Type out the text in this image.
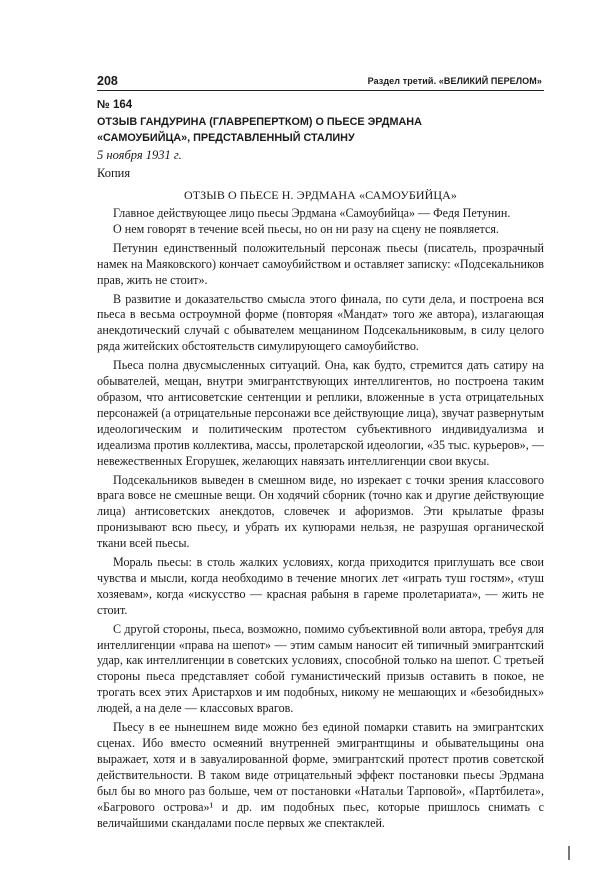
208	Раздел третий. «ВЕЛИКИЙ ПЕРЕЛОМ»
№ 164
ОТЗЫВ ГАНДУРИНА (ГЛАВРЕПЕРТКОМ) О ПЬЕСЕ ЭРДМАНА
«САМОУБИЙЦА», ПРЕДСТАВЛЕННЫЙ СТАЛИНУ
5 ноября 1931 г.
Копия
ОТЗЫВ О ПЬЕСЕ Н. ЭРДМАНА «САМОУБИЙЦА»

Главное действующее лицо пьесы Эрдмана «Самоубийца» — Федя Петунин.

О нем говорят в течение всей пьесы, но он ни разу на сцену не появляется.

Петунин единственный положительный персонаж пьесы (писатель, прозрачный намек на Маяковского) кончает самоубийством и оставляет записку: «Подсекальников прав, жить не стоит».

В развитие и доказательство смысла этого финала, по сути дела, и построена вся пьеса в весьма остроумной форме (повторяя «Мандат» того же автора), излагающая анекдотический случай с обывателем мещанином Подсекальниковым, в силу целого ряда житейских обстоятельств симулирующего самоубийство.

Пьеса полна двусмысленных ситуаций. Она, как будто, стремится дать сатиру на обывателей, мещан, внутри эмигрантствующих интеллигентов, но построена таким образом, что антисоветские сентенции и реплики, вложенные в уста отрицательных персонажей (а отрицательные персонажи все действующие лица), звучат развернутым идеологическим и политическим протестом субъективного индивидуализма и идеализма против коллектива, массы, пролетарской идеологии, «35 тыс. курьеров», — невежественных Егорушек, желающих навязать интеллигенции свои вкусы.

Подсекальников выведен в смешном виде, но изрекает с точки зрения классового врага вовсе не смешные вещи. Он ходячий сборник (точно как и другие действующие лица) антисоветских анекдотов, словечек и афоризмов. Эти крылатые фразы пронизывают всю пьесу, и убрать их купюрами нельзя, не разрушая органической ткани всей пьесы.

Мораль пьесы: в столь жалких условиях, когда приходится приглушать все свои чувства и мысли, когда необходимо в течение многих лет «играть туш гостям», «туш хозяевам», когда «искусство — красная рабыня в гареме пролетариата», — жить не стоит.

С другой стороны, пьеса, возможно, помимо субъективной воли автора, требуя для интеллигенции «права на шепот» — этим самым наносит ей типичный эмигрантский удар, как интеллигенции в советских условиях, способной только на шепот. С третьей стороны пьеса представляет собой гуманистический призыв оставить в покое, не трогать всех этих Аристархов и им подобных, никому не мешающих и «безобидных» людей, а на деле — классовых врагов.

Пьесу в ее нынешнем виде можно без единой помарки ставить на эмигрантских сценах. Ибо вместо осмеяний внутренней эмигрантщины и обывательщины она выражает, хотя и в завуалированной форме, эмигрантский протест против советской действительности. В таком виде отрицательный эффект постановки пьесы Эрдмана был бы во много раз больше, чем от постановки «Натальи Тарповой», «Партбилета», «Багрового острова»¹ и др. им подобных пьес, которые пришлось снимать с величайшими скандалами после первых же спектаклей.
